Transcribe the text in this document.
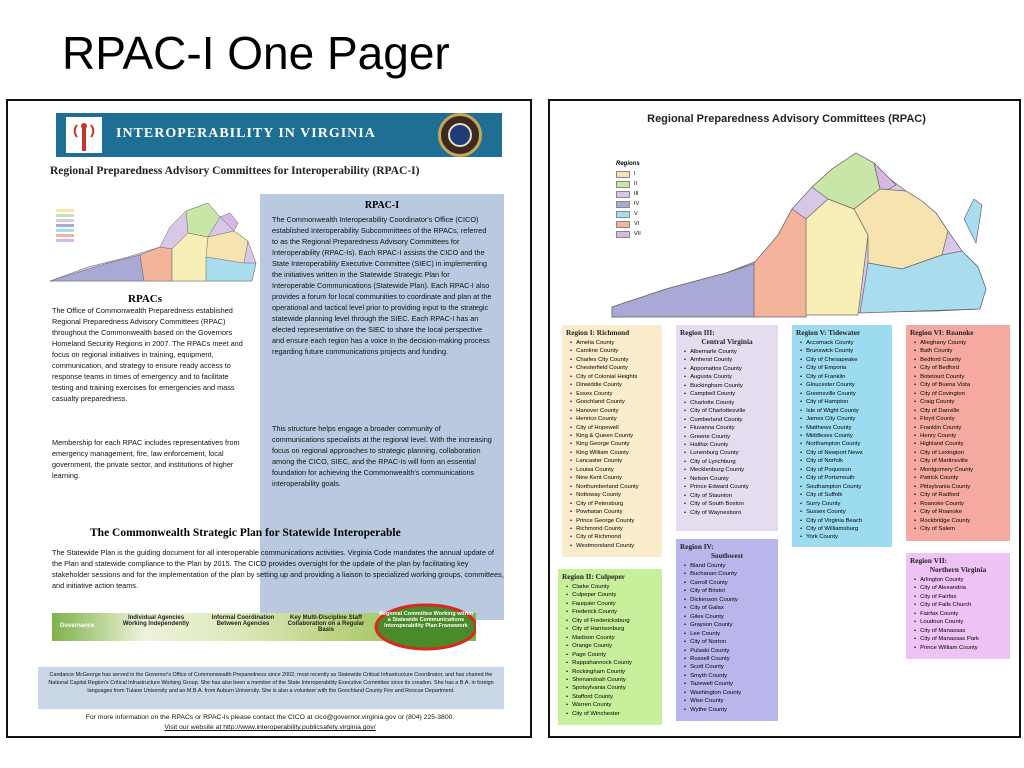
RPAC-I One Pager
INTEROPERABILITY IN VIRGINIA
Regional Preparedness Advisory Committees for Interoperability (RPAC-I)
RPACs
The Office of Commonwealth Preparedness established Regional Preparedness Advisory Committees (RPAC) throughout the Commonwealth based on the Governors Homeland Security Regions in 2007. The RPACs meet and focus on regional initiatives in training, equipment, communication, and strategy to ensure ready access to response teams in times of emergency and to facilitate testing and training exercises for emergencies and mass casualty preparedness.
Membership for each RPAC includes representatives from emergency management, fire, law enforcement, local government, the private sector, and institutions of higher learning.
RPAC-I
The Commonwealth Interoperability Coordinator's Office (CICO) established Interoperability Subcommittees of the RPACs, referred to as the Regional Preparedness Advisory Committees for Interoperability (RPAC-Is). Each RPAC-I assists the CICO and the State Interoperability Executive Committee (SIEC) in implementing the initiatives written in the Statewide Strategic Plan for Interoperable Communications (Statewide Plan). Each RPAC-I also provides a forum for local communities to coordinate and plan at the operational and tactical level prior to providing input to the strategic statewide planning level through the SIEC. Each RPAC-I has an elected representative on the SIEC to share the local perspective and ensure each region has a voice in the decision-making process regarding future communications projects and funding.
This structure helps engage a broader community of communications specialists at the regional level. With the increasing focus on regional approaches to strategic planning, collaboration among the CICO, SIEC, and the RPAC-Is will form an essential foundation for achieving the Commonwealth's communications interoperability goals.
The Commonwealth Strategic Plan for Statewide Interoperable
The Statewide Plan is the guiding document for all interoperable communications activities. Virginia Code mandates the annual update of the Plan and statewide compliance to the Plan by 2015. The CICO provides oversight for the update of the plan by facilitating key stakeholder sessions and for the implementation of the plan by setting up and providing a liaison to specialized working groups, committees, and initiative action teams.
Governance
Individual Agencies Working Independently
Informal Coordination Between Agencies
Key Multi-Discipline Staff Collaboration on a Regular Basis
Regional Committee Working within a Statewide Communications Interoperability Plan Framework
Candance McGeorge has served in the Governor's Office of Commonwealth Preparedness since 2002, most recently as Statewide Critical Infrastructure Coordinator, and has chaired the National Capital Region's Critical Infrastructure Working Group. She has also been a member of the State Interoperability Executive Committee since its creation. She has a B.A. in foreign languages from Tulane University and an M.B.A. from Auburn University. She is also a volunteer with the Goochland County Fire and Rescue Department.
For more information on the RPACs or RPAC-Is please contact the CICO at cico@governor.virginia.gov or (804) 225-3800.
Visit our website at http://www.interoperability.publicsafety.virginia.gov/
Regional Preparedness Advisory Committees (RPAC)
Regions
I
II
III
IV
V
VI
VII
Region I: Richmond
• Amelia County
• Caroline County
• Charles City County
• Chesterfield County
• City of Colonial Heights
• Dinwiddie County
• Essex County
• Goochland County
• Hanover County
• Henrico County
• City of Hopewell
• King & Queen County
• King George County
• King William County
• Lancaster County
• Louisa County
• New Kent County
• Northumberland County
• Nottoway County
• City of Petersburg
• Powhatan County
• Prince George County
• Richmond County
• City of Richmond
• Westmoreland County
Region III:
Central Virginia
• Albemarle County
• Amherst County
• Appomattox County
• Augusta County
• Buckingham County
• Campbell County
• Charlotte County
• City of Charlottesville
• Cumberland County
• Fluvanna County
• Greene County
• Halifax County
• Lunenburg County
• City of Lynchburg
• Mecklenburg County
• Nelson County
• Prince Edward County
• City of Staunton
• City of South Boston
• City of Waynesboro
Region V: Tidewater
• Accomack County
• Brunswick County
• City of Chesapeake
• City of Emporia
• City of Franklin
• Gloucester County
• Greensville County
• City of Hampton
• Isle of Wight County
• James City County
• Matthews County
• Middlesex County
• Northampton County
• City of Newport News
• City of Norfolk
• City of Poquoson
• City of Portsmouth
• Southampton County
• City of Suffolk
• Surry County
• Sussex County
• City of Virginia Beach
• City of Williamsburg
• York County
Region VI: Roanoke
• Alleghany County
• Bath County
• Bedford County
• City of Bedford
• Botetourt County
• City of Buena Vista
• City of Covington
• Craig County
• City of Danville
• Floyd County
• Franklin County
• Henry County
• Highland County
• City of Lexington
• City of Martinsville
• Montgomery County
• Patrick County
• Pittsylvania County
• City of Radford
• Roanoke County
• City of Roanoke
• Rockbridge County
• City of Salem
Region II: Culpeper
• Clarke County
• Culpeper County
• Fauquier County
• Frederick County
• City of Fredericksburg
• City of Harrisonburg
• Madison County
• Orange County
• Page County
• Rappahannock County
• Rockingham County
• Shenandoah County
• Spotsylvania County
• Stafford County
• Warren County
• City of Winchester
Region IV:
Southwest
• Bland County
• Buchanan County
• Carroll County
• City of Bristol
• Dickenson County
• City of Galax
• Giles County
• Grayson County
• Lee County
• City of Norton
• Pulaski County
• Russell County
• Scott County
• Smyth County
• Tazewell County
• Washington County
• Wise County
• Wythe County
Region VII:
Northern Virginia
• Arlington County
• City of Alexandria
• City of Fairfax
• City of Falls Church
• Fairfax County
• Loudoun County
• City of Manassas
• City of Manassas Park
• Prince William County
